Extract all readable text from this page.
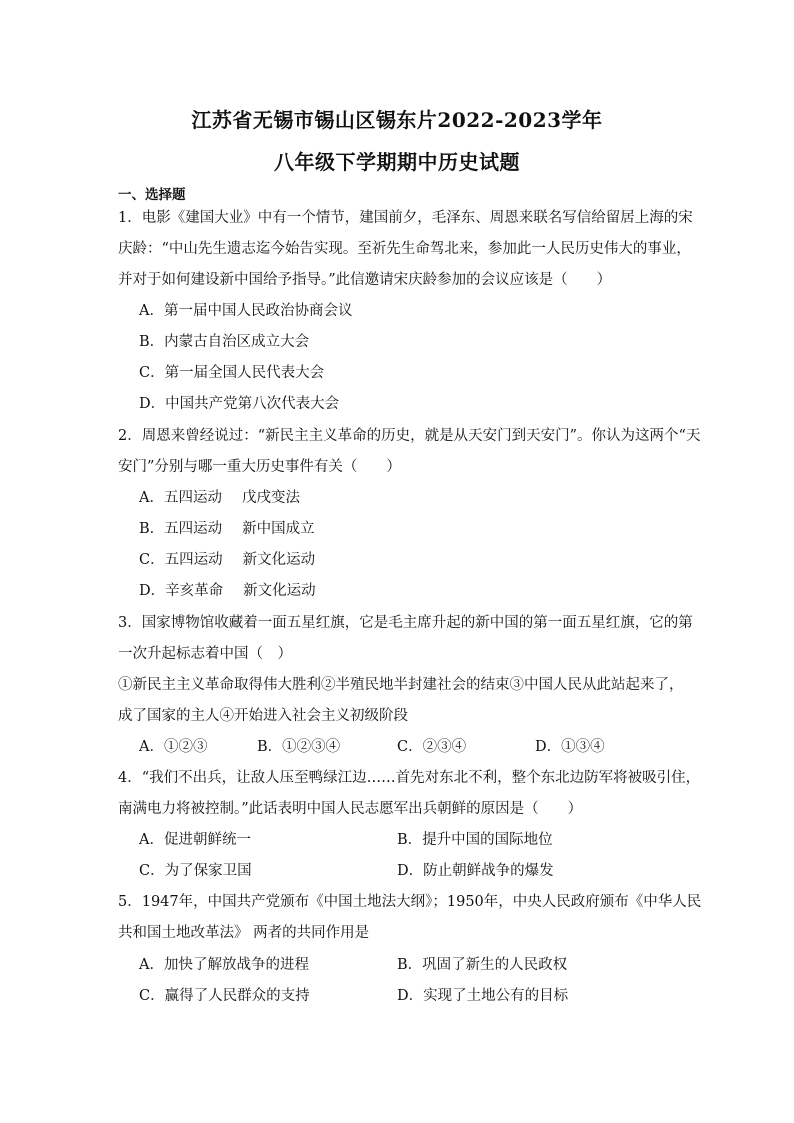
江苏省无锡市锡山区锡东片2022-2023学年
八年级下学期期中历史试题
一、选择题
1．电影《建国大业》中有一个情节，建国前夕，毛泽东、周恩来联名写信给留居上海的宋
庆龄：“中山先生遗志迄今始告实现。至祈先生命驾北来，参加此一人民历史伟大的事业，
并对于如何建设新中国给予指导。”此信邀请宋庆龄参加的会议应该是（　　）
A．第一届中国人民政治协商会议
B．内蒙古自治区成立大会
C．第一届全国人民代表大会
D．中国共产党第八次代表大会
2．周恩来曾经说过：“新民主主义革命的历史，就是从天安门到天安门”。你认为这两个“天
安门”分别与哪一重大历史事件有关（　　）
A．五四运动 戊戌变法
B．五四运动 新中国成立
C．五四运动 新文化运动
D．辛亥革命 新文化运动
3．国家博物馆收藏着一面五星红旗，它是毛主席升起的新中国的第一面五星红旗，它的第
一次升起标志着中国（　）
①新民主主义革命取得伟大胜利②半殖民地半封建社会的结束③中国人民从此站起来了，
成了国家的主人④开始进入社会主义初级阶段
A．①②③	B．①②③④	C．②③④	D．①③④
4．“我们不出兵，让敌人压至鸭绿江边……首先对东北不利，整个东北边防军将被吸引住，
南满电力将被控制。”此话表明中国人民志愿军出兵朝鲜的原因是（　　）
A．促进朝鲜统一	B．提升中国的国际地位
C．为了保家卫国	D．防止朝鲜战争的爆发
5．1947年，中国共产党颁布《中国土地法大纲》；1950年，中央人民政府颁布《中华人民
共和国土地改革法》 两者的共同作用是
A．加快了解放战争的进程	B．巩固了新生的人民政权
C．赢得了人民群众的支持	D．实现了土地公有的目标
